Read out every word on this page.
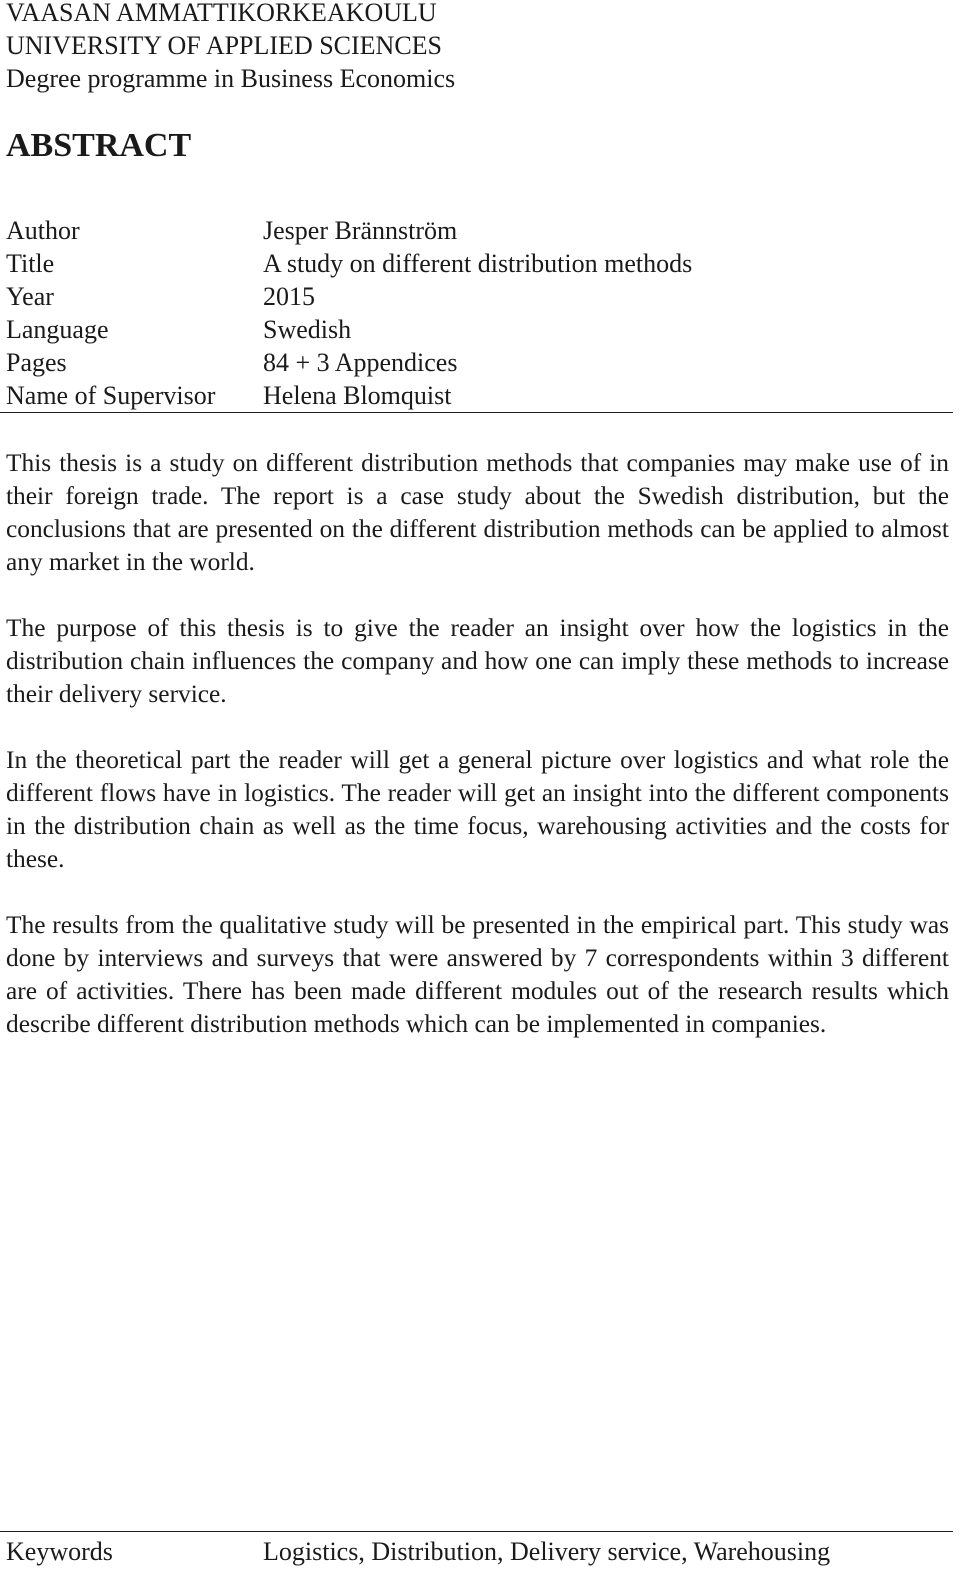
VAASAN AMMATTIKORKEAKOULU
UNIVERSITY OF APPLIED SCIENCES
Degree programme in Business Economics
ABSTRACT
Author	Jesper Brännström
Title	A study on different distribution methods
Year	2015
Language	Swedish
Pages	84 + 3 Appendices
Name of Supervisor	Helena Blomquist

This thesis is a study on different distribution methods that companies may make use of in their foreign trade. The report is a case study about the Swedish distribution, but the conclusions that are presented on the different distribution methods can be applied to almost any market in the world.

The purpose of this thesis is to give the reader an insight over how the logistics in the distribution chain influences the company and how one can imply these methods to increase their delivery service.

In the theoretical part the reader will get a general picture over logistics and what role the different flows have in logistics. The reader will get an insight into the different components in the distribution chain as well as the time focus, warehousing activities and the costs for these.

The results from the qualitative study will be presented in the empirical part. This study was done by interviews and surveys that were answered by 7 correspondents within 3 different are of activities. There has been made different modules out of the research results which describe different distribution methods which can be implemented in companies.

Keywords	Logistics, Distribution, Delivery service, Warehousing
